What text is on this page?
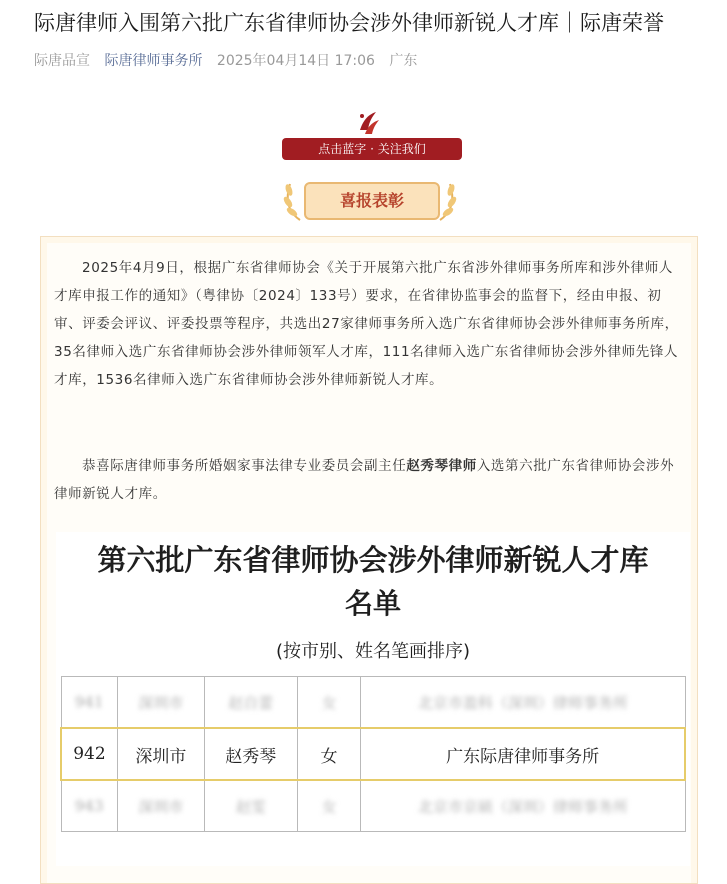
际唐律师入围第六批广东省律师协会涉外律师新锐人才库｜际唐荣誉
际唐品宣 际唐律师事务所 2025年04月14日 17:06 广东
点击蓝字 · 关注我们
喜报表彰
2025年4月9日，根据广东省律师协会《关于开展第六批广东省涉外律师事务所库和涉外律师人才库申报工作的通知》（粤律协〔2024〕133号）要求，在省律协监事会的监督下，经由申报、初审、评委会评议、评委投票等程序，共选出27家律师事务所入选广东省律师协会涉外律师事务所库，35名律师入选广东省律师协会涉外律师领军人才库，111名律师入选广东省律师协会涉外律师先锋人才库，1536名律师入选广东省律师协会涉外律师新锐人才库。
恭喜际唐律师事务所婚姻家事法律专业委员会副主任赵秀琴律师入选第六批广东省律师协会涉外律师新锐人才库。
第六批广东省律师协会涉外律师新锐人才库
名单
(按市别、姓名笔画排序)
941	深圳市	赵自蕾	女	北京市盈科（深圳）律师事务所
942	深圳市	赵秀琴	女	广东际唐律师事务所
943	深圳市	赵雯	女	北京市京硕（深圳）律师事务所
